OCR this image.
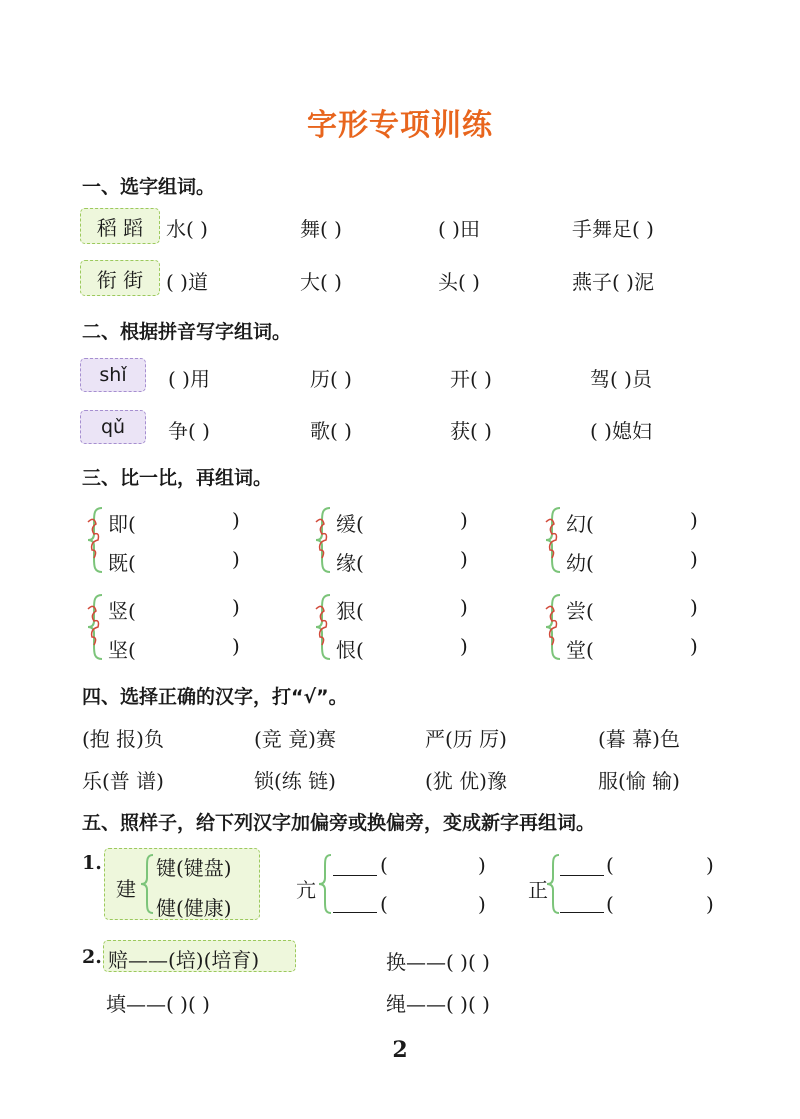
字形专项训练
一、选字组词。
稻 蹈	水( )	舞( )	( )田	手舞足( )
衔 街	( )道	大( )	头( )	燕子( )泥
二、根据拼音写字组词。
shǐ	( )用	历( )	开( )	驾( )员
qǔ	争( )	歌( )	获( )	( )媳妇
三、比一比，再组词。
即(	)
既(	)
缓(	)
缘(	)
幻(	)
幼(	)
竖(	)
坚(	)
狠(	)
恨(	)
尝(	)
堂(	)
四、选择正确的汉字，打“√”。
(抱 报)负	(竞 竟)赛	严(历 厉)	(暮 幕)色
乐(普 谱)	锁(练 链)	(犹 优)豫	服(愉 输)
五、照样子，给下列汉字加偏旁或换偏旁，变成新字再组词。
1.
建
键(键盘)
健(健康)
亢
(	)
(	)
正
(	)
(	)
2. 赔——(培)(培育)	换——( )( )
填——( )( )	绳——( )( )
2
